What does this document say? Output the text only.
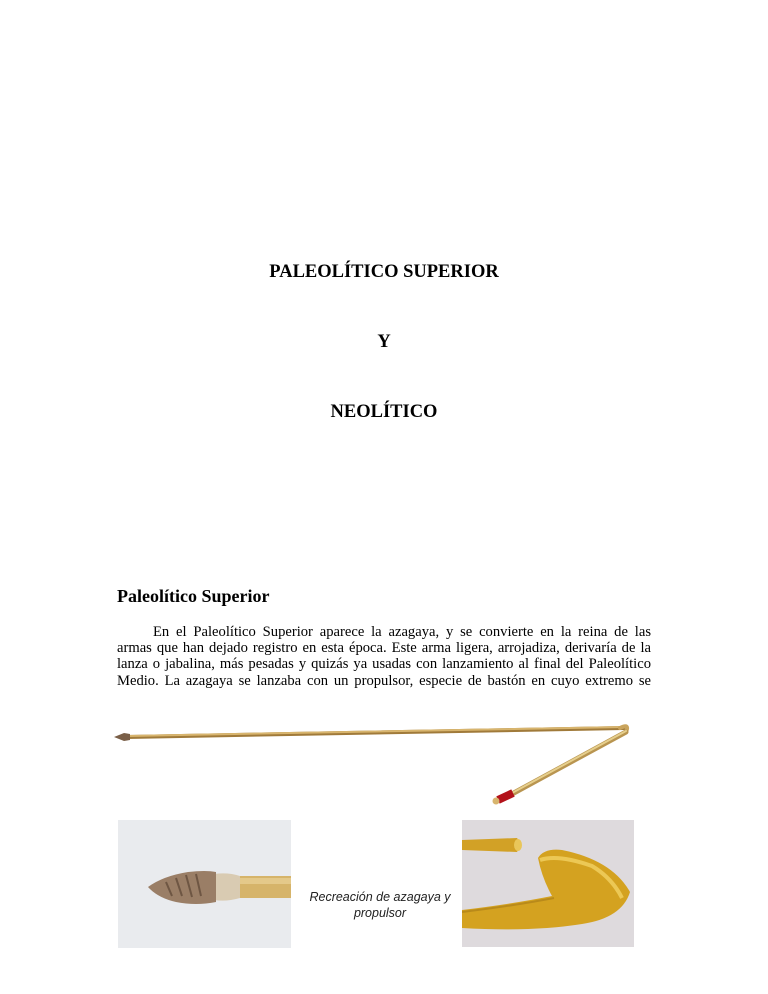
PALEOLÍTICO SUPERIOR
Y
NEOLÍTICO
Paleolítico Superior
En el Paleolítico Superior aparece la azagaya, y se convierte en la reina de las
armas que han dejado registro en esta época. Este arma ligera, arrojadiza, derivaría de la
lanza o jabalina, más pesadas y quizás ya usadas con lanzamiento al final del Paleolítico
Medio. La azagaya se lanzaba con un propulsor, especie de bastón en cuyo extremo se
Recreación de azagaya y propulsor
